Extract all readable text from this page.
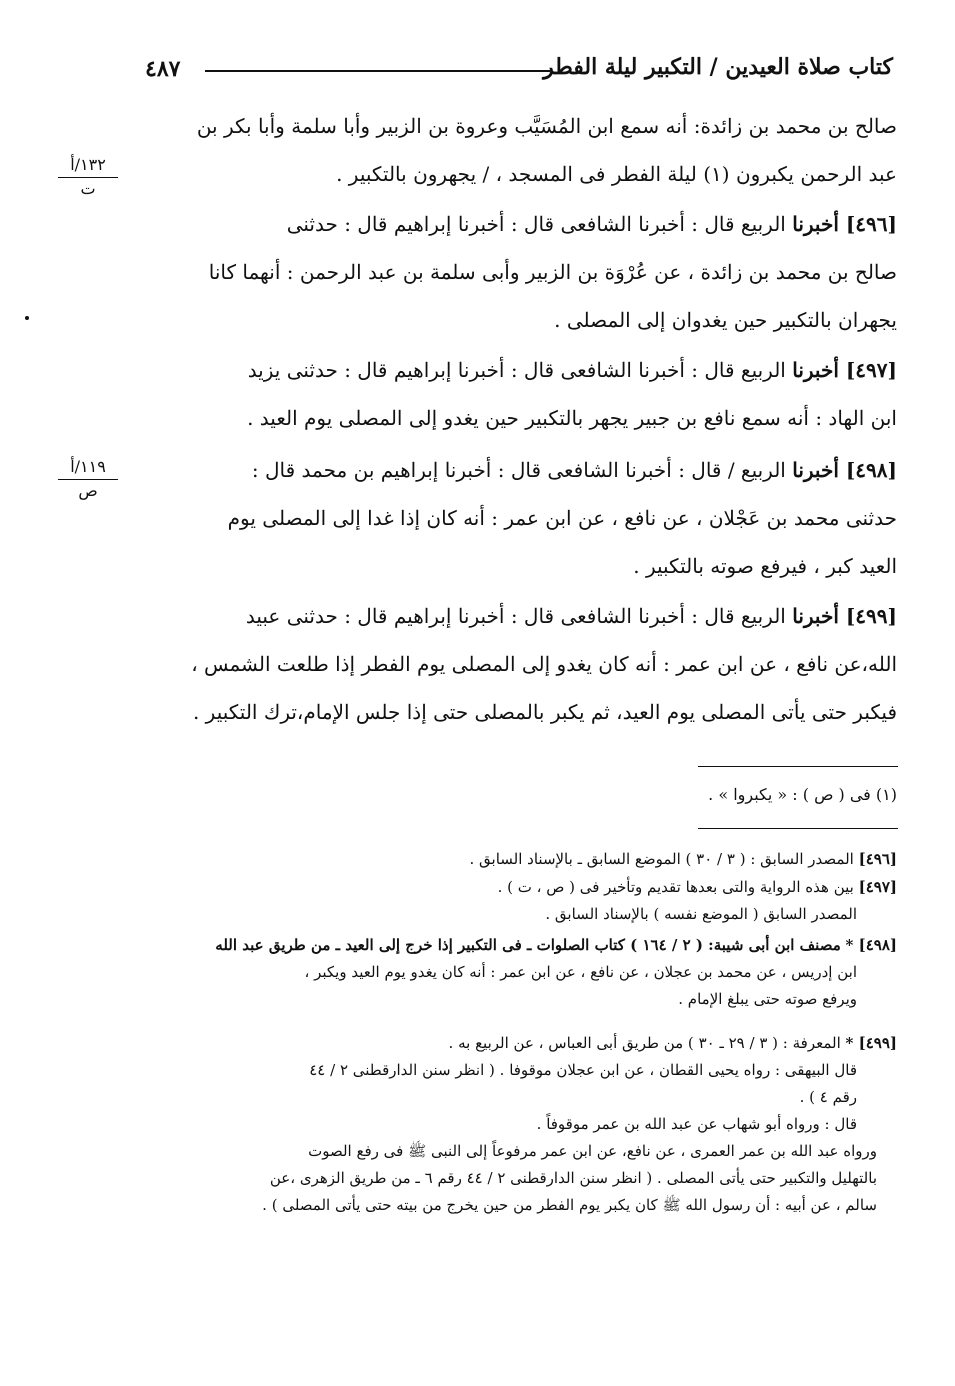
كتاب صلاة العيدين / التكبير ليلة الفطر
٤٨٧
١٣٢/أ
ت
١١٩/أ
ص
صالح بن محمد بن زائدة: أنه سمع ابن المُسَيَّب وعروة بن الزبير وأبا سلمة وأبا بكر بن
عبد الرحمن يكبرون (١) ليلة الفطر فى المسجد ، / يجهرون بالتكبير .
[٤٩٦] أخبرنا الربيع قال : أخبرنا الشافعى قال : أخبرنا إبراهيم قال : حدثنى
صالح بن محمد بن زائدة ، عن عُرْوَة بن الزبير وأبى سلمة بن عبد الرحمن : أنهما كانا
يجهران بالتكبير حين يغدوان إلى المصلى .
[٤٩٧] أخبرنا الربيع قال : أخبرنا الشافعى قال : أخبرنا إبراهيم قال : حدثنى يزيد
ابن الهاد : أنه سمع نافع بن جبير يجهر بالتكبير حين يغدو إلى المصلى يوم العيد .
[٤٩٨] أخبرنا الربيع / قال : أخبرنا الشافعى قال : أخبرنا إبراهيم بن محمد قال :
حدثنى محمد بن عَجْلان ، عن نافع ، عن ابن عمر : أنه كان إذا غدا إلى المصلى يوم
العيد كبر ، فيرفع صوته بالتكبير .
[٤٩٩] أخبرنا الربيع قال : أخبرنا الشافعى قال : أخبرنا إبراهيم قال : حدثنى عبيد
الله،عن نافع ، عن ابن عمر : أنه كان يغدو إلى المصلى يوم الفطر إذا طلعت الشمس ،
فيكبر حتى يأتى المصلى يوم العيد، ثم يكبر بالمصلى حتى إذا جلس الإمام،ترك التكبير .
(١) فى ( ص ) : « يكبروا » .
[٤٩٦] المصدر السابق : ( ٣ / ٣٠ ) الموضع السابق ـ بالإسناد السابق .
[٤٩٧] بين هذه الرواية والتى بعدها تقديم وتأخير فى ( ص ، ت ) .
المصدر السابق ( الموضع نفسه ) بالإسناد السابق .
[٤٩٨] * مصنف ابن أبى شيبة: ( ٢ / ١٦٤ ) كتاب الصلوات ـ فى التكبير إذا خرج إلى العيد ـ من طريق عبد الله
ابن إدريس ، عن محمد بن عجلان ، عن نافع ، عن ابن عمر : أنه كان يغدو يوم العيد ويكبر ،
ويرفع صوته حتى يبلغ الإمام .
[٤٩٩] * المعرفة : ( ٣ / ٢٩ ـ ٣٠ ) من طريق أبى العباس ، عن الربيع به .
قال البيهقى : رواه يحيى القطان ، عن ابن عجلان موقوفا . ( انظر سنن الدارقطنى ٢ / ٤٤
رقم ٤ ) .
قال : ورواه أبو شهاب عن عبد الله بن عمر موقوفاً .
ورواه عبد الله بن عمر العمرى ، عن نافع، عن ابن عمر مرفوعاً إلى النبى ﷺ فى رفع الصوت
بالتهليل والتكبير حتى يأتى المصلى . ( انظر سنن الدارقطنى ٢ / ٤٤ رقم ٦ ـ من طريق الزهرى ،عن
سالم ، عن أبيه : أن رسول الله ﷺ كان يكبر يوم الفطر من حين يخرج من بيته حتى يأتى المصلى ) .
